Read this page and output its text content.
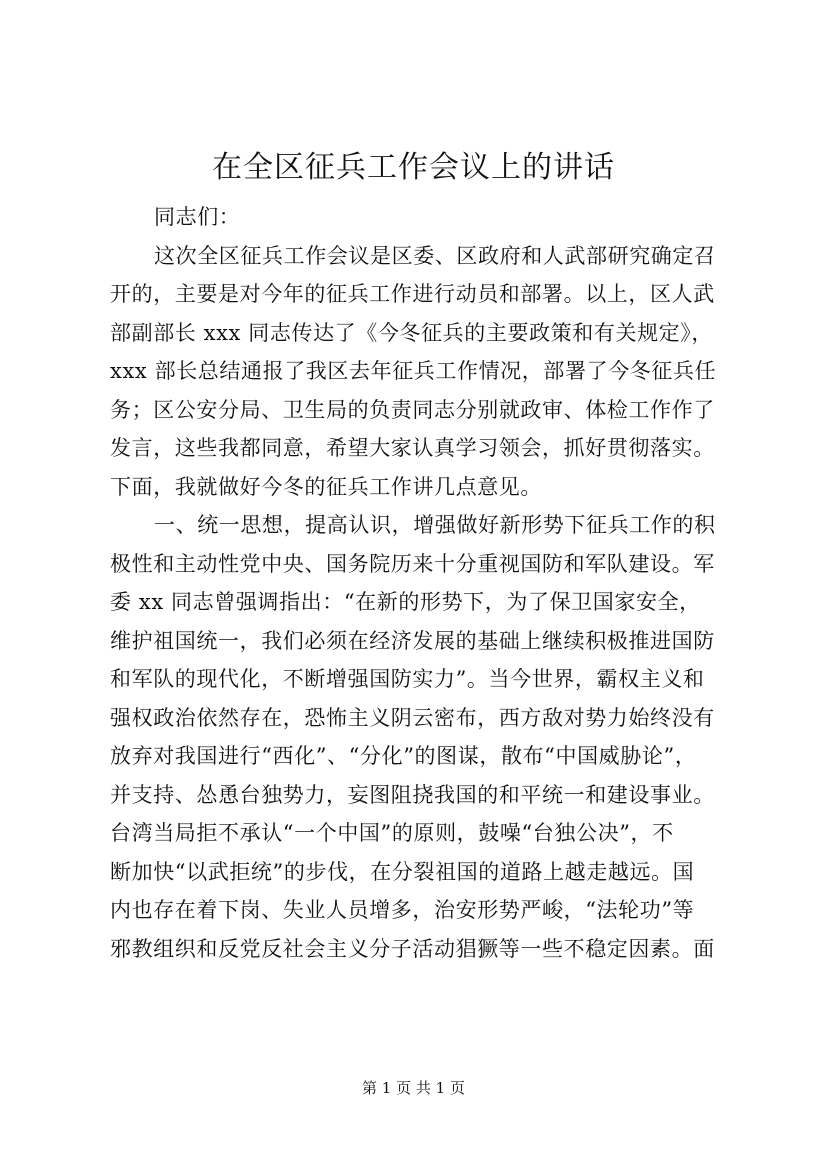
在全区征兵工作会议上的讲话
同志们：
这次全区征兵工作会议是区委、区政府和人武部研究确定召
开的，主要是对今年的征兵工作进行动员和部署。以上，区人武
部副部长 xxx 同志传达了《今冬征兵的主要政策和有关规定》，
xxx 部长总结通报了我区去年征兵工作情况，部署了今冬征兵任
务；区公安分局、卫生局的负责同志分别就政审、体检工作作了
发言，这些我都同意，希望大家认真学习领会，抓好贯彻落实。
下面，我就做好今冬的征兵工作讲几点意见。
一、统一思想，提高认识，增强做好新形势下征兵工作的积
极性和主动性党中央、国务院历来十分重视国防和军队建设。军
委 xx 同志曾强调指出：“在新的形势下，为了保卫国家安全，
维护祖国统一，我们必须在经济发展的基础上继续积极推进国防
和军队的现代化，不断增强国防实力”。当今世界，霸权主义和
强权政治依然存在，恐怖主义阴云密布，西方敌对势力始终没有
放弃对我国进行“西化”、“分化”的图谋，散布“中国威胁论”，
并支持、怂恿台独势力，妄图阻挠我国的和平统一和建设事业。
台湾当局拒不承认“一个中国”的原则，鼓噪“台独公决”，不
断加快“以武拒统”的步伐，在分裂祖国的道路上越走越远。国
内也存在着下岗、失业人员增多，治安形势严峻，“法轮功”等
邪教组织和反党反社会主义分子活动猖獗等一些不稳定因素。面
第 1 页 共 1 页
